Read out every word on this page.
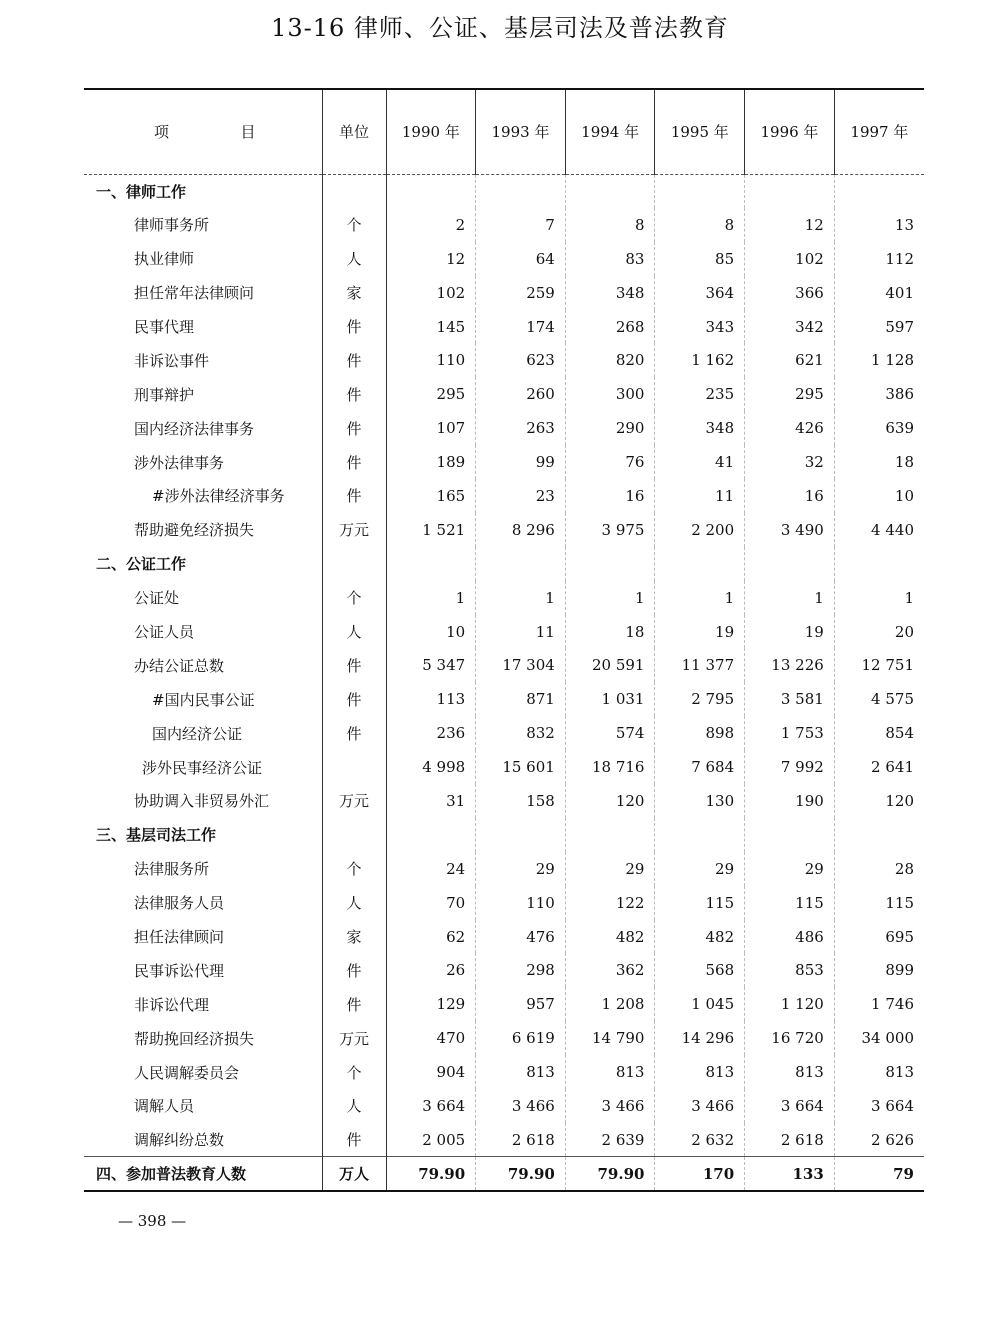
13-16 律师、公证、基层司法及普法教育
项 目	单位	1990 年	1993 年	1994 年	1995 年	1996 年	1997 年
一、律师工作							
律师事务所	个	2	7	8	8	12	13
执业律师	人	12	64	83	85	102	112
担任常年法律顾问	家	102	259	348	364	366	401
民事代理	件	145	174	268	343	342	597
非诉讼事件	件	110	623	820	1 162	621	1 128
刑事辩护	件	295	260	300	235	295	386
国内经济法律事务	件	107	263	290	348	426	639
涉外法律事务	件	189	99	76	41	32	18
#涉外法律经济事务	件	165	23	16	11	16	10
帮助避免经济损失	万元	1 521	8 296	3 975	2 200	3 490	4 440
二、公证工作							
公证处	个	1	1	1	1	1	1
公证人员	人	10	11	18	19	19	20
办结公证总数	件	5 347	17 304	20 591	11 377	13 226	12 751
#国内民事公证	件	113	871	1 031	2 795	3 581	4 575
国内经济公证	件	236	832	574	898	1 753	854
涉外民事经济公证		4 998	15 601	18 716	7 684	7 992	2 641
协助调入非贸易外汇	万元	31	158	120	130	190	120
三、基层司法工作							
法律服务所	个	24	29	29	29	29	28
法律服务人员	人	70	110	122	115	115	115
担任法律顾问	家	62	476	482	482	486	695
民事诉讼代理	件	26	298	362	568	853	899
非诉讼代理	件	129	957	1 208	1 045	1 120	1 746
帮助挽回经济损失	万元	470	6 619	14 790	14 296	16 720	34 000
人民调解委员会	个	904	813	813	813	813	813
调解人员	人	3 664	3 466	3 466	3 466	3 664	3 664
调解纠纷总数	件	2 005	2 618	2 639	2 632	2 618	2 626
四、参加普法教育人数	万人	79.90	79.90	79.90	170	133	79
— 398 —
